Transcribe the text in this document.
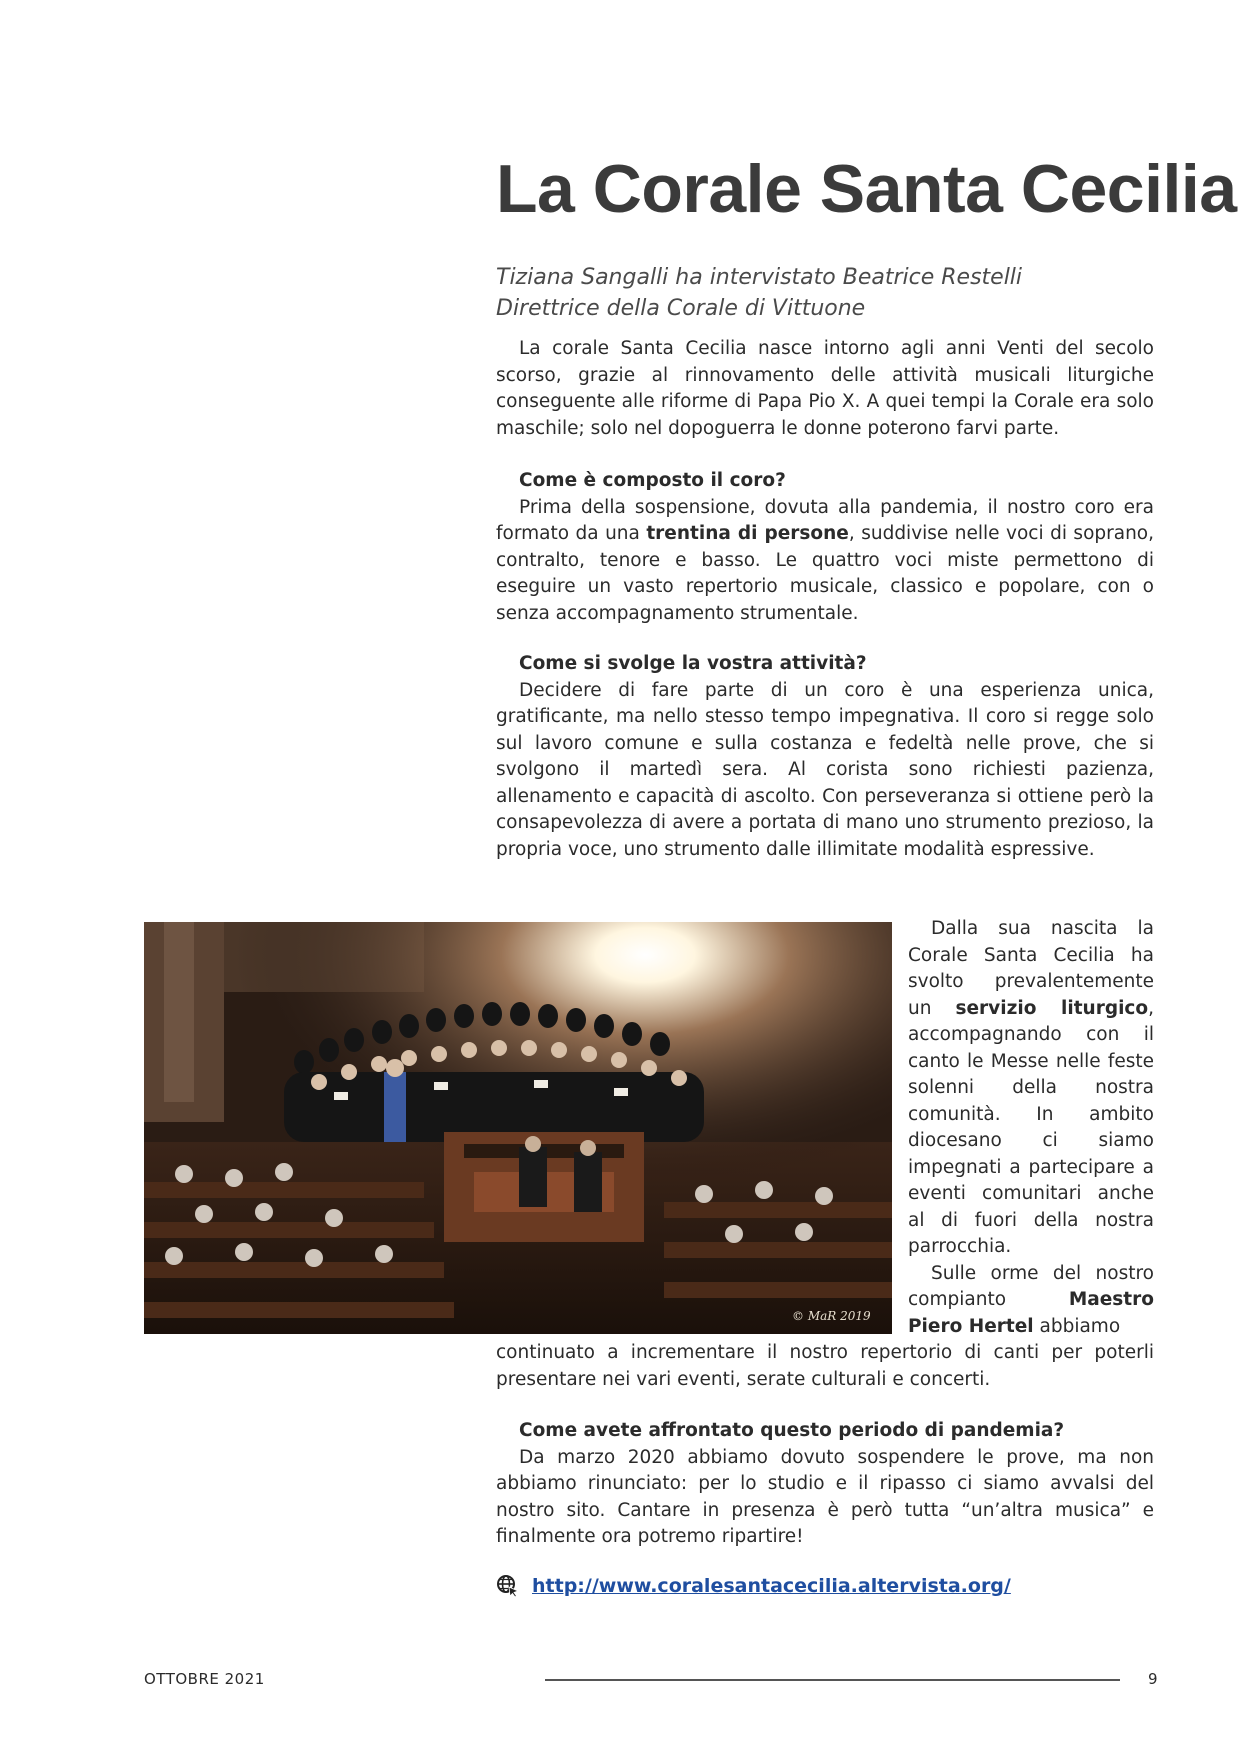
La Corale Santa Cecilia
Tiziana Sangalli ha intervistato Beatrice Restelli
Direttrice della Corale di Vittuone

La corale Santa Cecilia nasce intorno agli anni Venti del secolo scorso, grazie al rinnovamento delle attività musicali liturgiche conseguente alle riforme di Papa Pio X. A quei tempi la Corale era solo maschile; solo nel dopoguerra le donne poterono farvi parte.

Come è composto il coro?

Prima della sospensione, dovuta alla pandemia, il nostro coro era formato da una trentina di persone, suddivise nelle voci di soprano, contralto, tenore e basso. Le quattro voci miste permettono di eseguire un vasto repertorio musicale, classico e popolare, con o senza accompagnamento strumentale.

Come si svolge la vostra attività?

Decidere di fare parte di un coro è una esperienza unica, gratificante, ma nello stesso tempo impegnativa. Il coro si regge solo sul lavoro comune e sulla costanza e fedeltà nelle prove, che si svolgono il martedì sera. Al corista sono richiesti pazienza, allenamento e capacità di ascolto. Con perseveranza si ottiene però la consapevolezza di avere a portata di mano uno strumento prezioso, la propria voce, uno strumento dalle illimitate modalità espressive.

© MaR 2019

Dalla sua nascita la Corale Santa Cecilia ha svolto prevalentemente un servizio liturgico, accompagnando con il canto le Messe nelle feste solenni della nostra comunità. In ambito diocesano ci siamo impegnati a partecipare a eventi comunitari anche al di fuori della nostra parrocchia.

Sulle orme del nostro compianto	Maestro Piero Hertel abbiamo

continuato a incrementare il nostro repertorio di canti per poterli presentare nei vari eventi, serate culturali e concerti.

Come avete affrontato questo periodo di pandemia?

Da marzo 2020 abbiamo dovuto sospendere le prove, ma non abbiamo rinunciato: per lo studio e il ripasso ci siamo avvalsi del nostro sito. Cantare in presenza è però tutta “un’altra musica” e finalmente ora potremo ripartire!

http://www.coralesantacecilia.altervista.org/
OTTOBRE 2021	9
